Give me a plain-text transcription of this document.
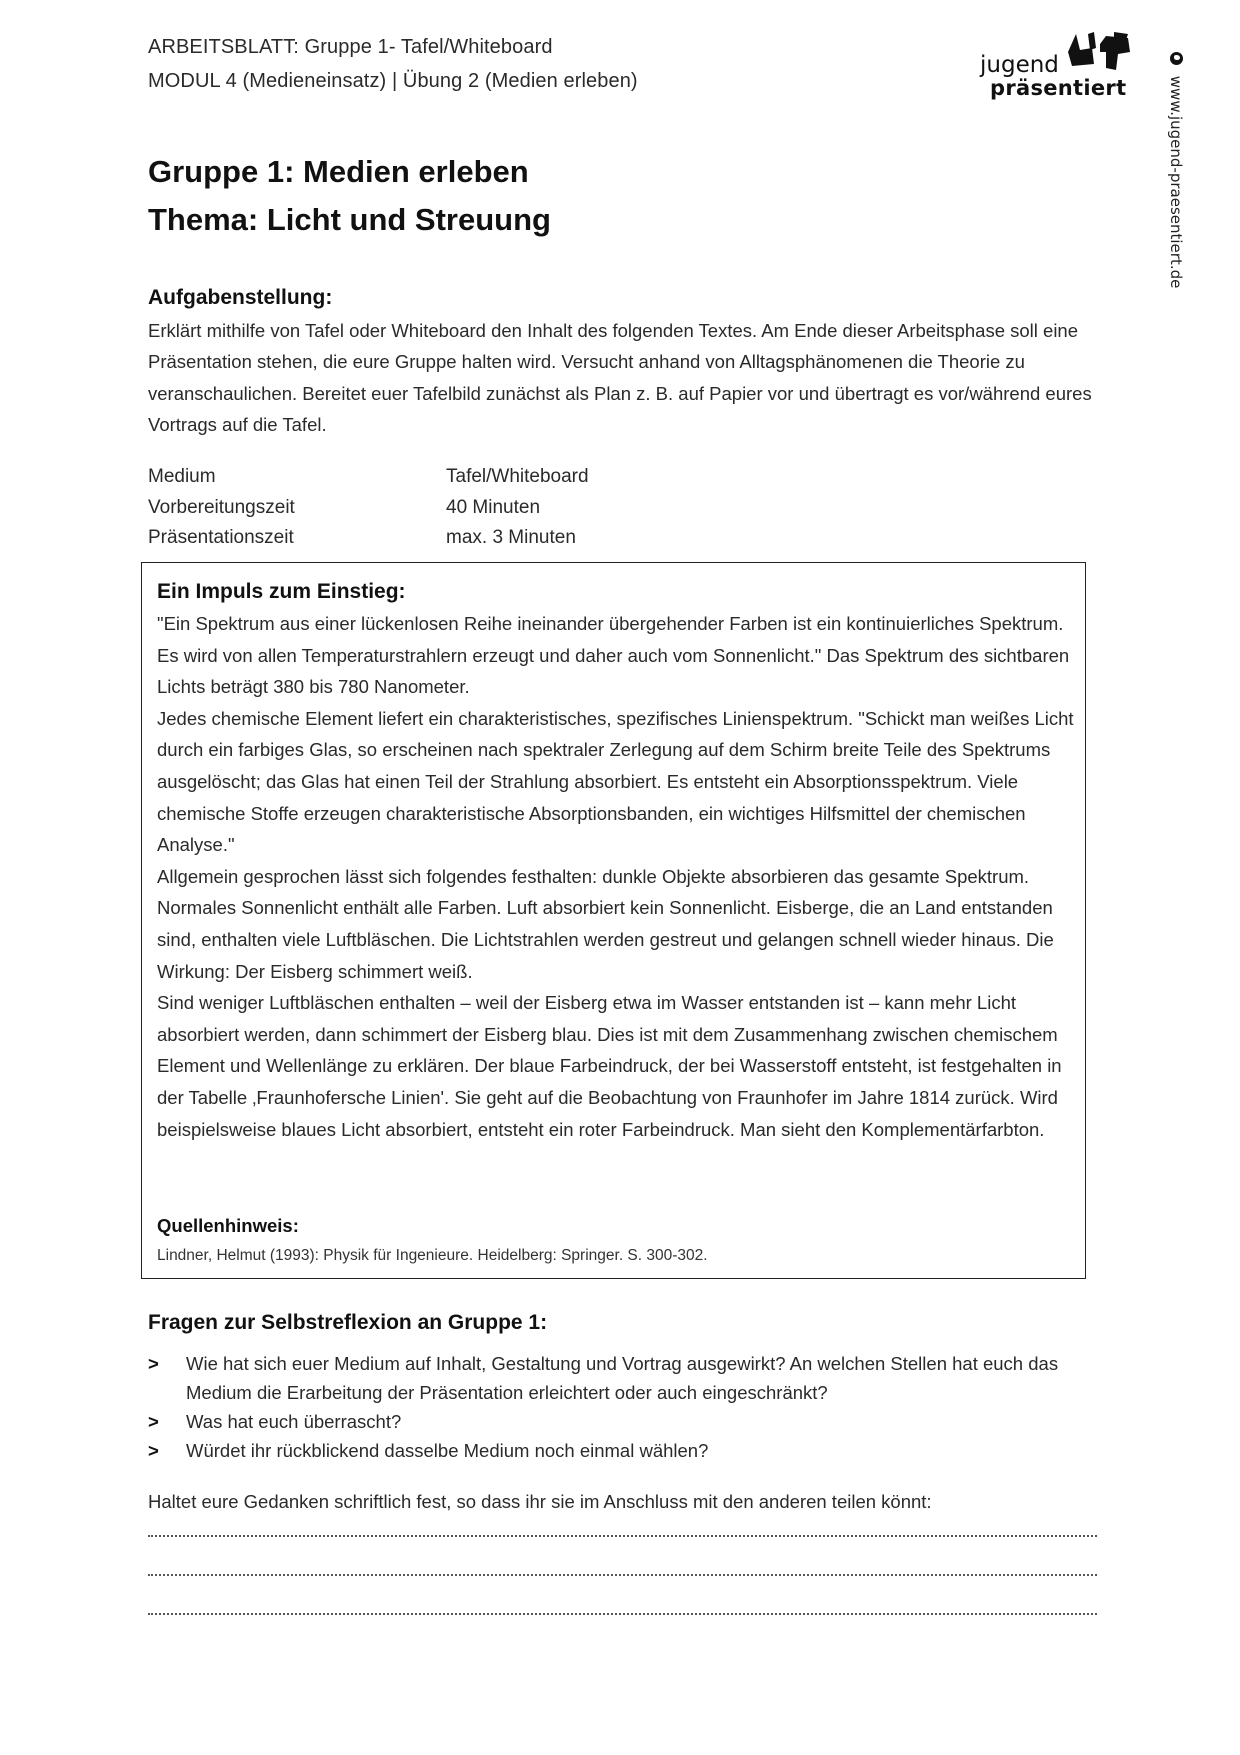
ARBEITSBLATT: Gruppe 1- Tafel/Whiteboard
MODUL 4 (Medieneinsatz) | Übung 2 (Medien erleben)
jugend
präsentiert	www.jugend-praesentiert.de
Gruppe 1: Medien erleben
Thema: Licht und Streuung
Aufgabenstellung:
Erklärt mithilfe von Tafel oder Whiteboard den Inhalt des folgenden Textes. Am Ende dieser Arbeitsphase soll eine Präsentation stehen, die eure Gruppe halten wird. Versucht anhand von Alltagsphänomenen die Theorie zu veranschaulichen. Bereitet euer Tafelbild zunächst als Plan z. B. auf Papier vor und übertragt es vor/während eures Vortrags auf die Tafel.
Medium	Tafel/Whiteboard
Vorbereitungszeit	40 Minuten
Präsentationszeit	max. 3 Minuten
Ein Impuls zum Einstieg:

"Ein Spektrum aus einer lückenlosen Reihe ineinander übergehender Farben ist ein kontinuierliches Spektrum. Es wird von allen Temperaturstrahlern erzeugt und daher auch vom Sonnenlicht." Das Spektrum des sichtbaren Lichts beträgt 380 bis 780 Nanometer.

Jedes chemische Element liefert ein charakteristisches, spezifisches Linienspektrum. "Schickt man weißes Licht durch ein farbiges Glas, so erscheinen nach spektraler Zerlegung auf dem Schirm breite Teile des Spektrums ausgelöscht; das Glas hat einen Teil der Strahlung absorbiert. Es entsteht ein Absorptionsspektrum. Viele chemische Stoffe erzeugen charakteristische Absorptionsbanden, ein wichtiges Hilfsmittel der chemischen Analyse."

Allgemein gesprochen lässt sich folgendes festhalten: dunkle Objekte absorbieren das gesamte Spektrum. Normales Sonnenlicht enthält alle Farben. Luft absorbiert kein Sonnenlicht. Eisberge, die an Land entstanden sind, enthalten viele Luftbläschen. Die Lichtstrahlen werden gestreut und gelangen schnell wieder hinaus. Die Wirkung: Der Eisberg schimmert weiß.

Sind weniger Luftbläschen enthalten – weil der Eisberg etwa im Wasser entstanden ist – kann mehr Licht absorbiert werden, dann schimmert der Eisberg blau. Dies ist mit dem Zusammenhang zwischen chemischem Element und Wellenlänge zu erklären. Der blaue Farbeindruck, der bei Wasserstoff entsteht, ist festgehalten in der Tabelle ‚Fraunhofersche Linien'. Sie geht auf die Beobachtung von Fraunhofer im Jahre 1814 zurück. Wird beispielsweise blaues Licht absorbiert, entsteht ein roter Farbeindruck. Man sieht den Komplementärfarbton.

Quellenhinweis:
Lindner, Helmut (1993): Physik für Ingenieure. Heidelberg: Springer. S. 300-302.
Fragen zur Selbstreflexion an Gruppe 1:
>	Wie hat sich euer Medium auf Inhalt, Gestaltung und Vortrag ausgewirkt? An welchen Stellen hat euch das Medium die Erarbeitung der Präsentation erleichtert oder auch eingeschränkt?
>	Was hat euch überrascht?
>	Würdet ihr rückblickend dasselbe Medium noch einmal wählen?
Haltet eure Gedanken schriftlich fest, so dass ihr sie im Anschluss mit den anderen teilen könnt:
